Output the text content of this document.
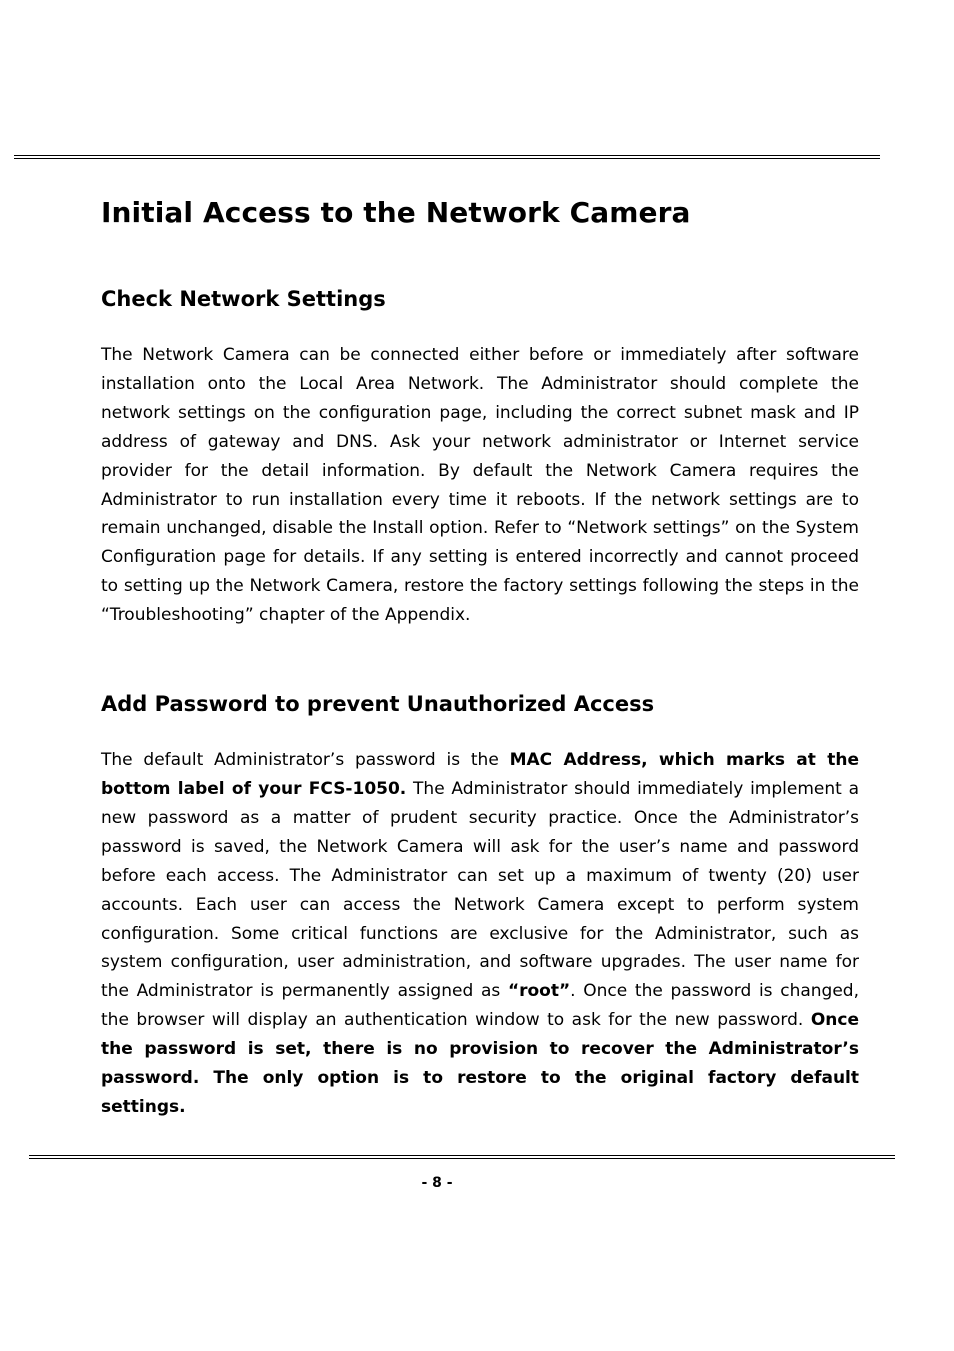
Initial Access to the Network Camera
Check Network Settings

The Network Camera can be connected either before or immediately after software installation onto the Local Area Network. The Administrator should complete the network settings on the configuration page, including the correct subnet mask and IP address of gateway and DNS. Ask your network administrator or Internet service provider for the detail information. By default the Network Camera requires the Administrator to run installation every time it reboots. If the network settings are to remain unchanged, disable the Install option. Refer to “Network settings” on the System Configuration page for details. If any setting is entered incorrectly and cannot proceed to setting up the Network Camera, restore the factory settings following the steps in the “Troubleshooting” chapter of the Appendix.

Add Password to prevent Unauthorized Access

The default Administrator’s password is the MAC Address, which marks at the bottom label of your FCS-1050. The Administrator should immediately implement a new password as a matter of prudent security practice. Once the Administrator’s password is saved, the Network Camera will ask for the user’s name and password before each access. The Administrator can set up a maximum of twenty (20) user accounts. Each user can access the Network Camera except to perform system configuration. Some critical functions are exclusive for the Administrator, such as system configuration, user administration, and software upgrades. The user name for the Administrator is permanently assigned as “root”. Once the password is changed, the browser will display an authentication window to ask for the new password. Once the password is set, there is no provision to recover the Administrator’s password. The only option is to restore to the original factory default settings.

- 8 -
